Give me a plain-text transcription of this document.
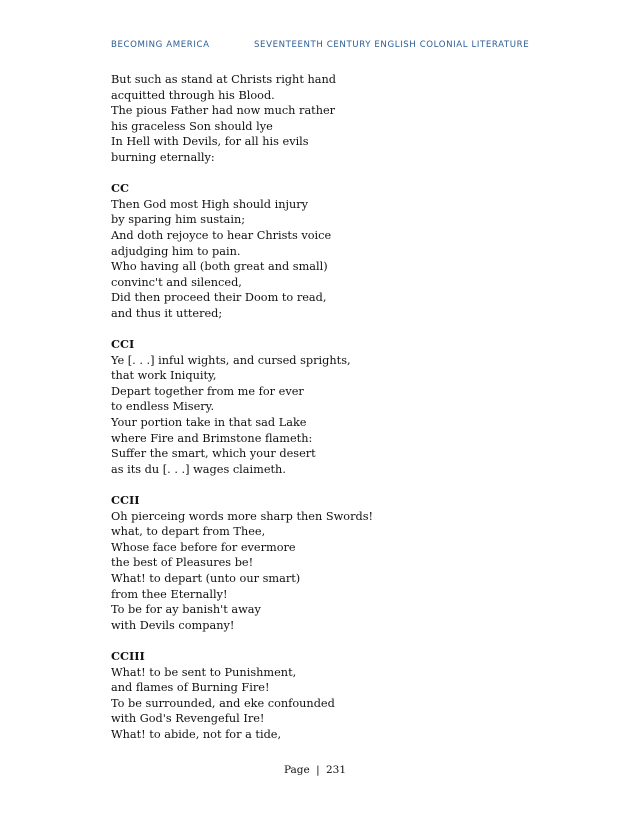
BECOMING AMERICA	SEVENTEENTH CENTURY ENGLISH COLONIAL LITERATURE
But such as stand at Christs right hand
acquitted through his Blood.
The pious Father had now much rather
his graceless Son should lye
In Hell with Devils, for all his evils
burning eternally:
CC
Then God most High should injury
by sparing him sustain;
And doth rejoyce to hear Christs voice
adjudging him to pain.
Who having all (both great and small)
convinc't and silenced,
Did then proceed their Doom to read,
and thus it uttered;
CCI
Ye [. . .] inful wights, and cursed sprights,
that work Iniquity,
Depart together from me for ever
to endless Misery.
Your portion take in that sad Lake
where Fire and Brimstone flameth:
Suffer the smart, which your desert
as its du [. . .] wages claimeth.
CCII
Oh pierceing words more sharp then Swords!
what, to depart from Thee,
Whose face before for evermore
the best of Pleasures be!
What! to depart (unto our smart)
from thee Eternally!
To be for ay banish't away
with Devils company!
CCIII
What! to be sent to Punishment,
and flames of Burning Fire!
To be surrounded, and eke confounded
with God's Revengeful Ire!
What! to abide, not for a tide,
Page | 231
